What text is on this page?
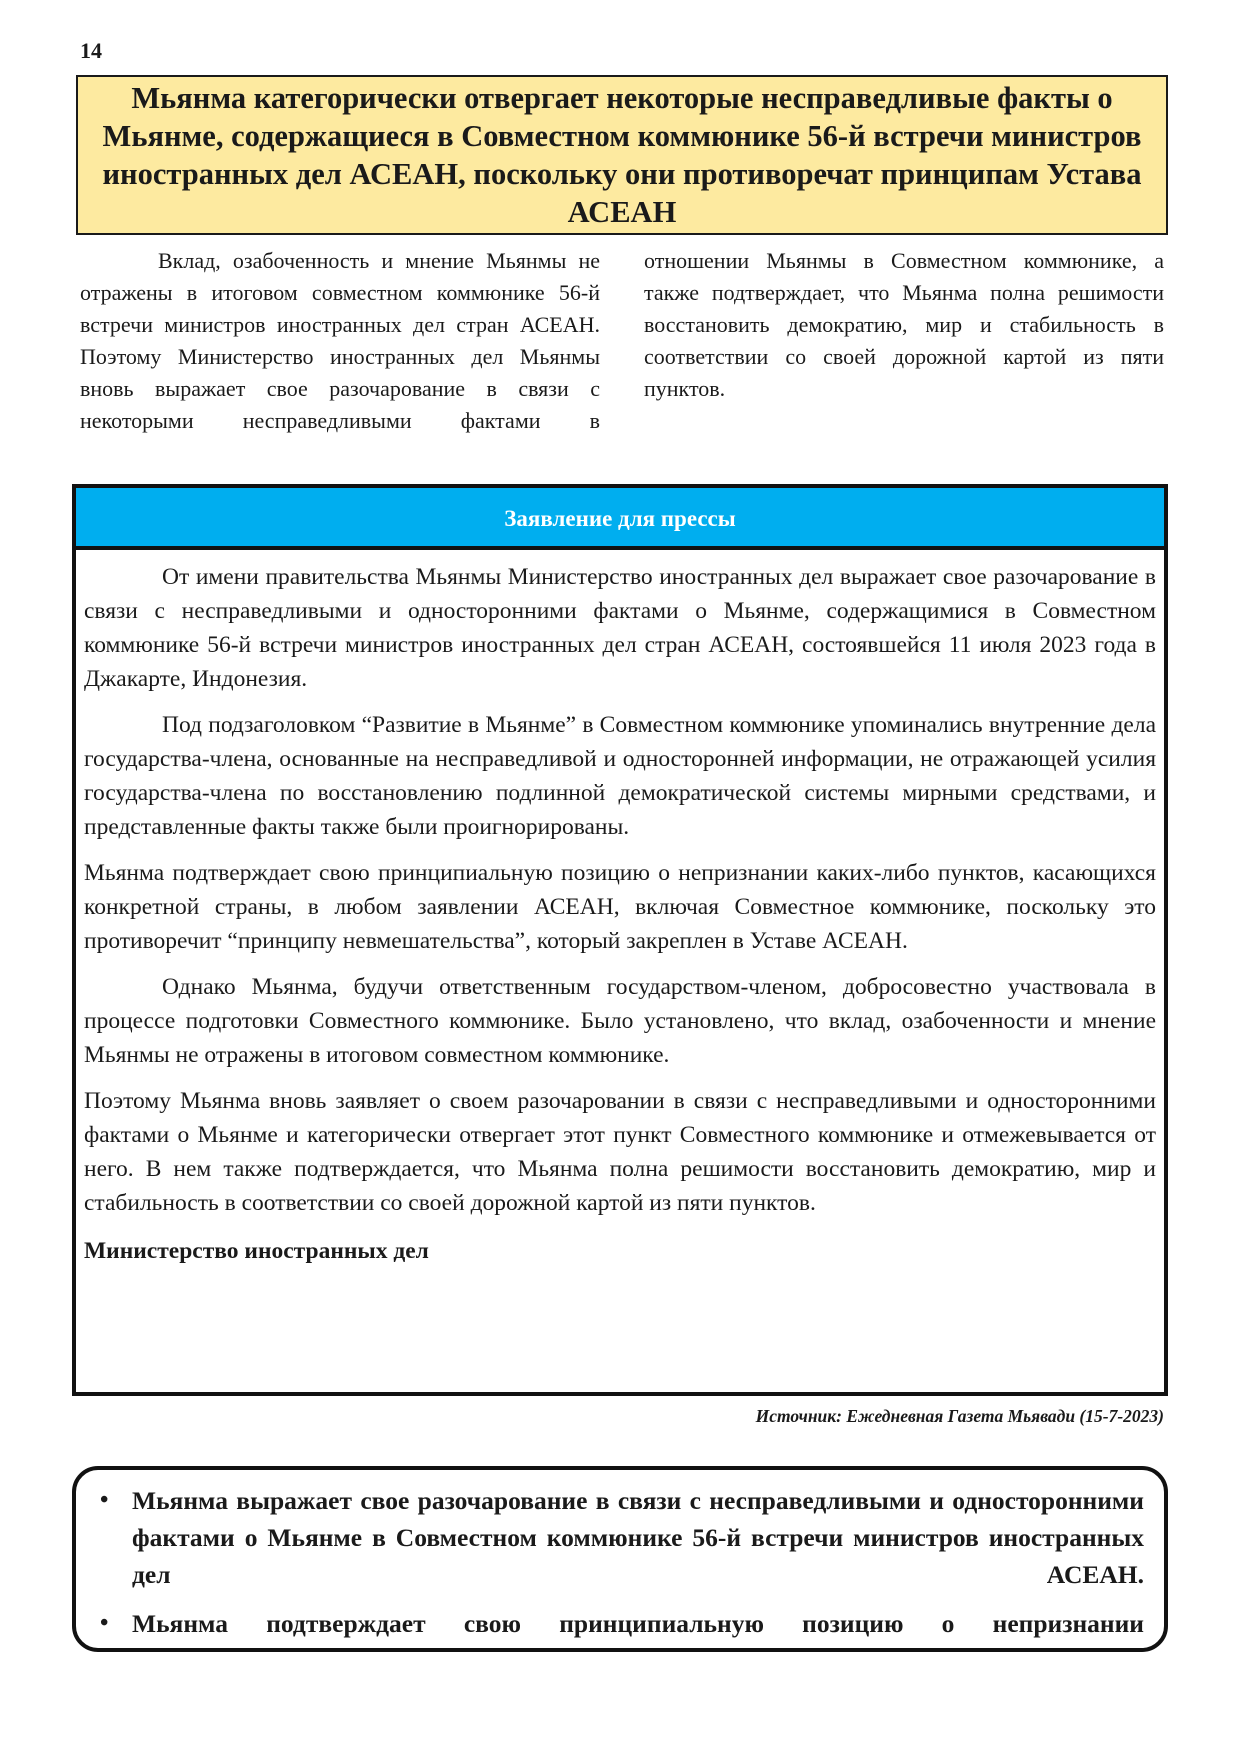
14
Мьянма категорически отвергает некоторые несправедливые факты о Мьянме, содержащиеся в Совместном коммюнике 56-й встречи министров иностранных дел АСЕАН, поскольку они противоречат принципам Устава АСЕАН

Вклад, озабоченность и мнение Мьянмы не отражены в итоговом совместном коммюнике 56-й встречи министров иностранных дел стран АСЕАН. Поэтому Министерство иностранных дел Мьянмы вновь выражает свое разочарование в связи с некоторыми несправедливыми фактами в

отношении Мьянмы в Совместном коммюнике, а также подтверждает, что Мьянма полна решимости восстановить демократию, мир и стабильность в соответствии со своей дорожной картой из пяти пунктов.

Заявление для прессы

От имени правительства Мьянмы Министерство иностранных дел выражает свое разочарование в связи с несправедливыми и односторонними фактами о Мьянме, содержащимися в Совместном коммюнике 56-й встречи министров иностранных дел стран АСЕАН, состоявшейся 11 июля 2023 года в Джакарте, Индонезия.

Под подзаголовком “Развитие в Мьянме” в Совместном коммюнике упоминались внутренние дела государства-члена, основанные на несправедливой и односторонней информации, не отражающей усилия государства-члена по восстановлению подлинной демократической системы мирными средствами, и представленные факты также были проигнорированы.

Мьянма подтверждает свою принципиальную позицию о непризнании каких-либо пунктов, касающихся конкретной страны, в любом заявлении АСЕАН, включая Совместное коммюнике, поскольку это противоречит “принципу невмешательства”, который закреплен в Уставе АСЕАН.

Однако Мьянма, будучи ответственным государством-членом, добросовестно участвовала в процессе подготовки Совместного коммюнике. Было установлено, что вклад, озабоченности и мнение Мьянмы не отражены в итоговом совместном коммюнике.

Поэтому Мьянма вновь заявляет о своем разочаровании в связи с несправедливыми и односторонними фактами о Мьянме и категорически отвергает этот пункт Совместного коммюнике и отмежевывается от него. В нем также подтверждается, что Мьянма полна решимости восстановить демократию, мир и стабильность в соответствии со своей дорожной картой из пяти пунктов.

Министерство иностранных дел

Источник: Ежедневная Газета Мьявади (15-7-2023)
• Мьянма выражает свое разочарование в связи с несправедливыми и односторонними фактами о Мьянме в Совместном коммюнике 56-й встречи министров иностранных дел АСЕАН.
• Мьянма подтверждает свою принципиальную позицию о непризнании
